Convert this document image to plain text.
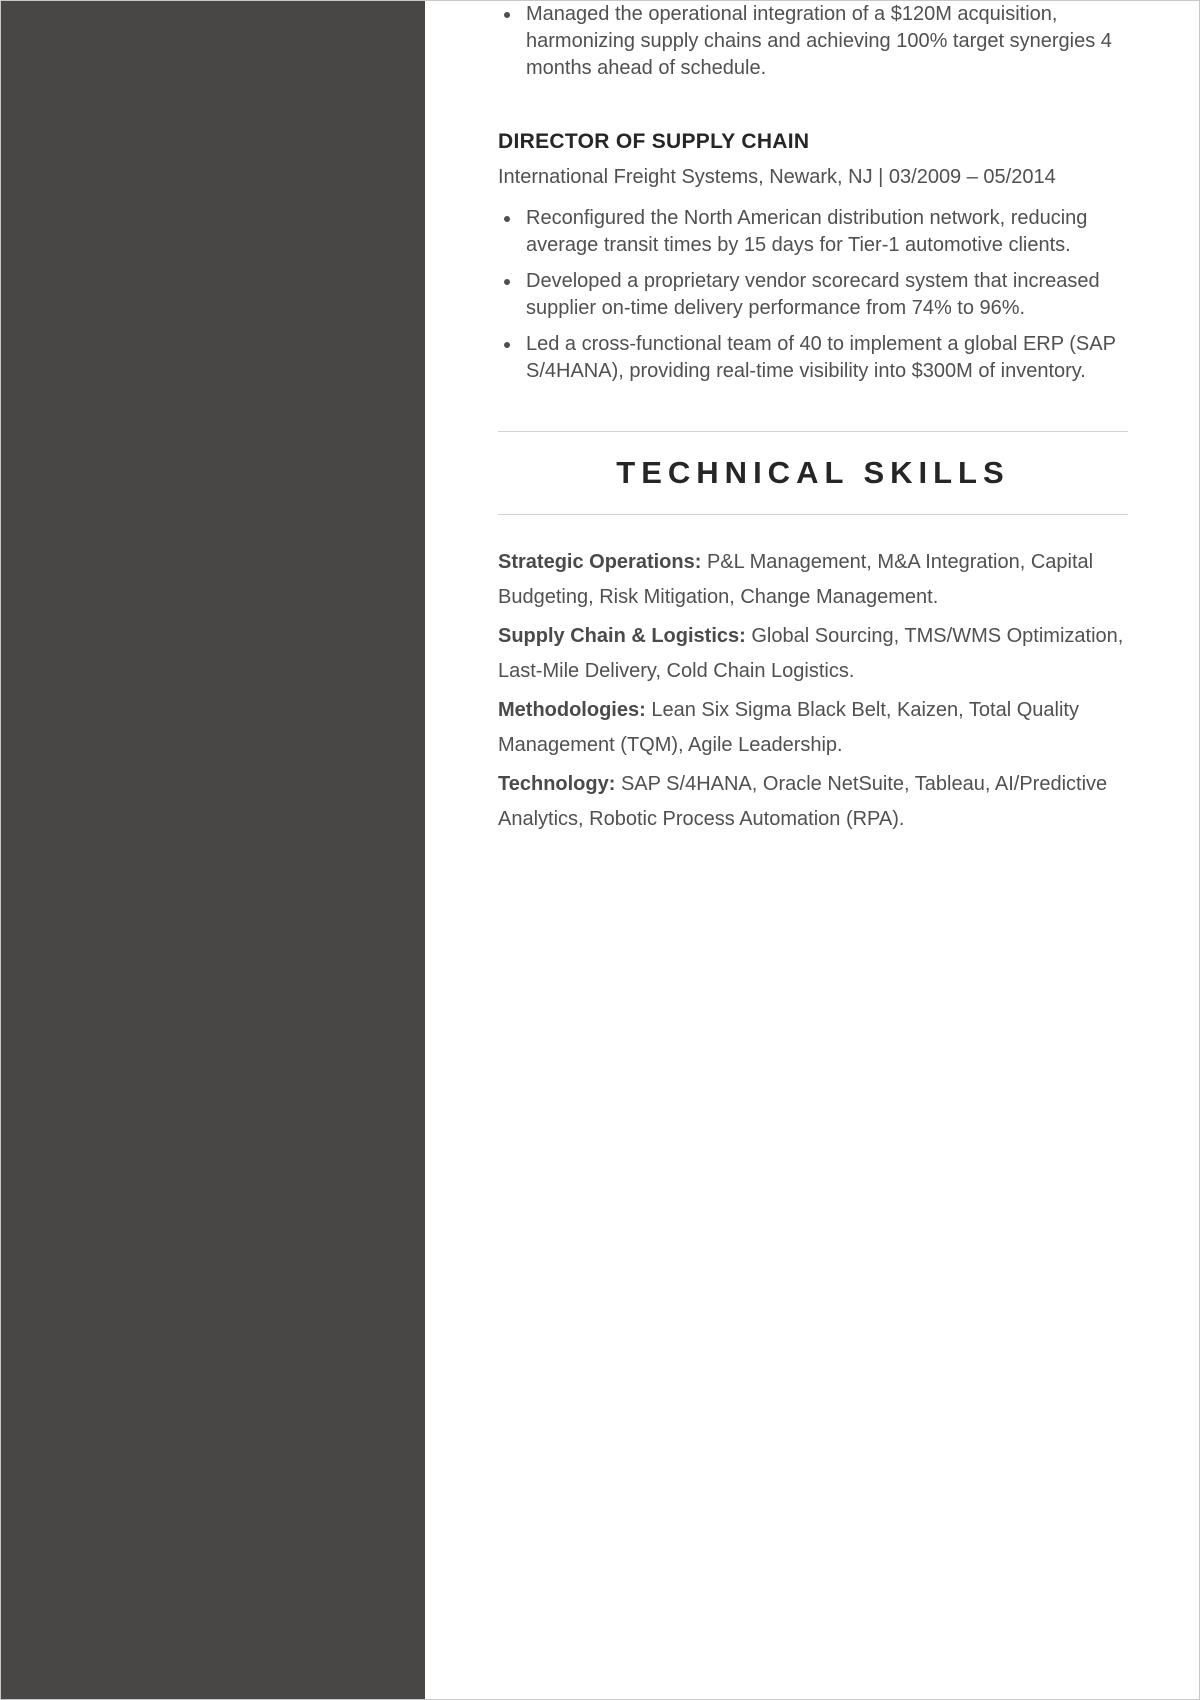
Managed the operational integration of a $120M acquisition, harmonizing supply chains and achieving 100% target synergies 4 months ahead of schedule.
DIRECTOR OF SUPPLY CHAIN
International Freight Systems, Newark, NJ | 03/2009 – 05/2014
Reconfigured the North American distribution network, reducing average transit times by 15 days for Tier-1 automotive clients.
Developed a proprietary vendor scorecard system that increased supplier on-time delivery performance from 74% to 96%.
Led a cross-functional team of 40 to implement a global ERP (SAP S/4HANA), providing real-time visibility into $300M of inventory.
TECHNICAL SKILLS
Strategic Operations: P&L Management, M&A Integration, Capital Budgeting, Risk Mitigation, Change Management.
Supply Chain & Logistics: Global Sourcing, TMS/WMS Optimization, Last-Mile Delivery, Cold Chain Logistics.
Methodologies: Lean Six Sigma Black Belt, Kaizen, Total Quality Management (TQM), Agile Leadership.
Technology: SAP S/4HANA, Oracle NetSuite, Tableau, AI/Predictive Analytics, Robotic Process Automation (RPA).
